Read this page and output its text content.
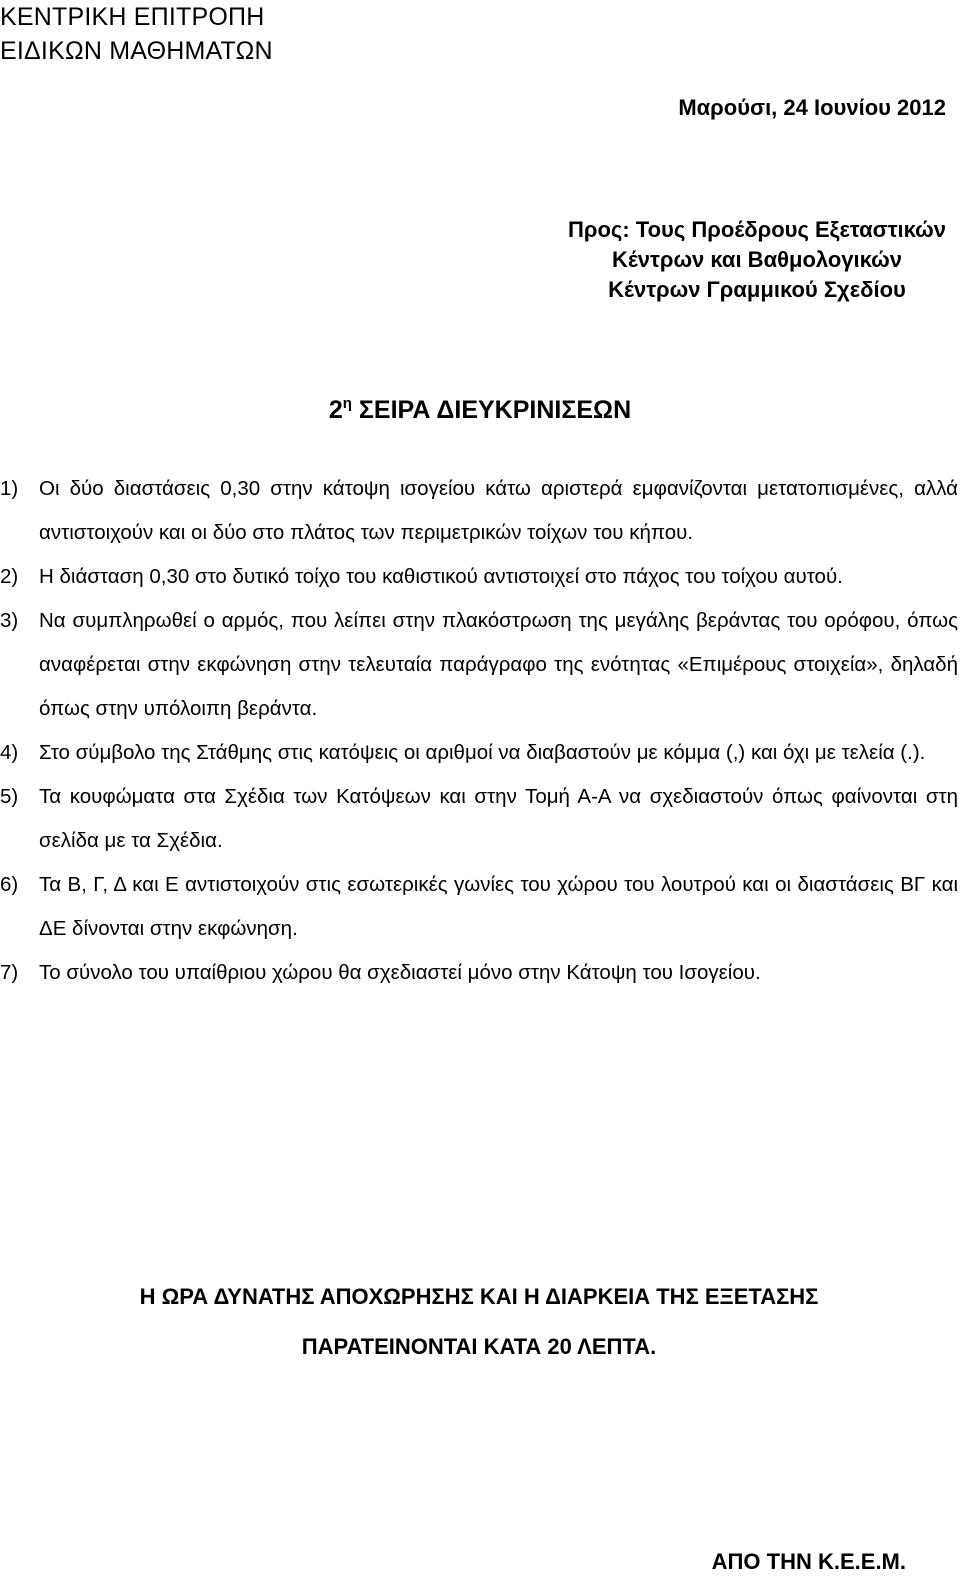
ΚΕΝΤΡΙΚΗ ΕΠΙΤΡΟΠΗ
ΕΙΔΙΚΩΝ ΜΑΘΗΜΑΤΩΝ
Μαρούσι, 24 Ιουνίου 2012
Προς: Τους Προέδρους Εξεταστικών
Κέντρων και Βαθμολογικών
Κέντρων Γραμμικού Σχεδίου
$2^\eta$ ΣΕΙΡΑ ΔΙΕΥΚΡΙΝΙΣΕΩΝ
1) Οι δύο διαστάσεις 0,30 στην κάτοψη ισογείου κάτω αριστερά εμφανίζονται μετατοπισμένες, αλλά αντιστοιχούν και οι δύο στο πλάτος των περιμετρικών τοίχων του κήπου.
2) Η διάσταση 0,30 στο δυτικό τοίχο του καθιστικού αντιστοιχεί στο πάχος του τοίχου αυτού.
3) Να συμπληρωθεί ο αρμός, που λείπει στην πλακόστρωση της μεγάλης βεράντας του ορόφου, όπως αναφέρεται στην εκφώνηση στην τελευταία παράγραφο της ενότητας «Επιμέρους στοιχεία», δηλαδή όπως στην υπόλοιπη βεράντα.
4) Στο σύμβολο της Στάθμης στις κατόψεις οι αριθμοί να διαβαστούν με κόμμα (,) και όχι με τελεία (.).
5) Τα κουφώματα στα Σχέδια των Κατόψεων και στην Τομή Α-Α να σχεδιαστούν όπως φαίνονται στη σελίδα με τα Σχέδια.
6) Τα Β, Γ, Δ και Ε αντιστοιχούν στις εσωτερικές γωνίες του χώρου του λουτρού και οι διαστάσεις ΒΓ και ΔΕ δίνονται στην εκφώνηση.
7) Το σύνολο του υπαίθριου χώρου θα σχεδιαστεί μόνο στην Κάτοψη του Ισογείου.
Η ΩΡΑ ΔΥΝΑΤΗΣ ΑΠΟΧΩΡΗΣΗΣ ΚΑΙ Η ΔΙΑΡΚΕΙΑ ΤΗΣ ΕΞΕΤΑΣΗΣ
ΠΑΡΑΤΕΙΝΟΝΤΑΙ ΚΑΤΑ 20 ΛΕΠΤΑ.
ΑΠΟ ΤΗΝ Κ.Ε.Ε.Μ.
